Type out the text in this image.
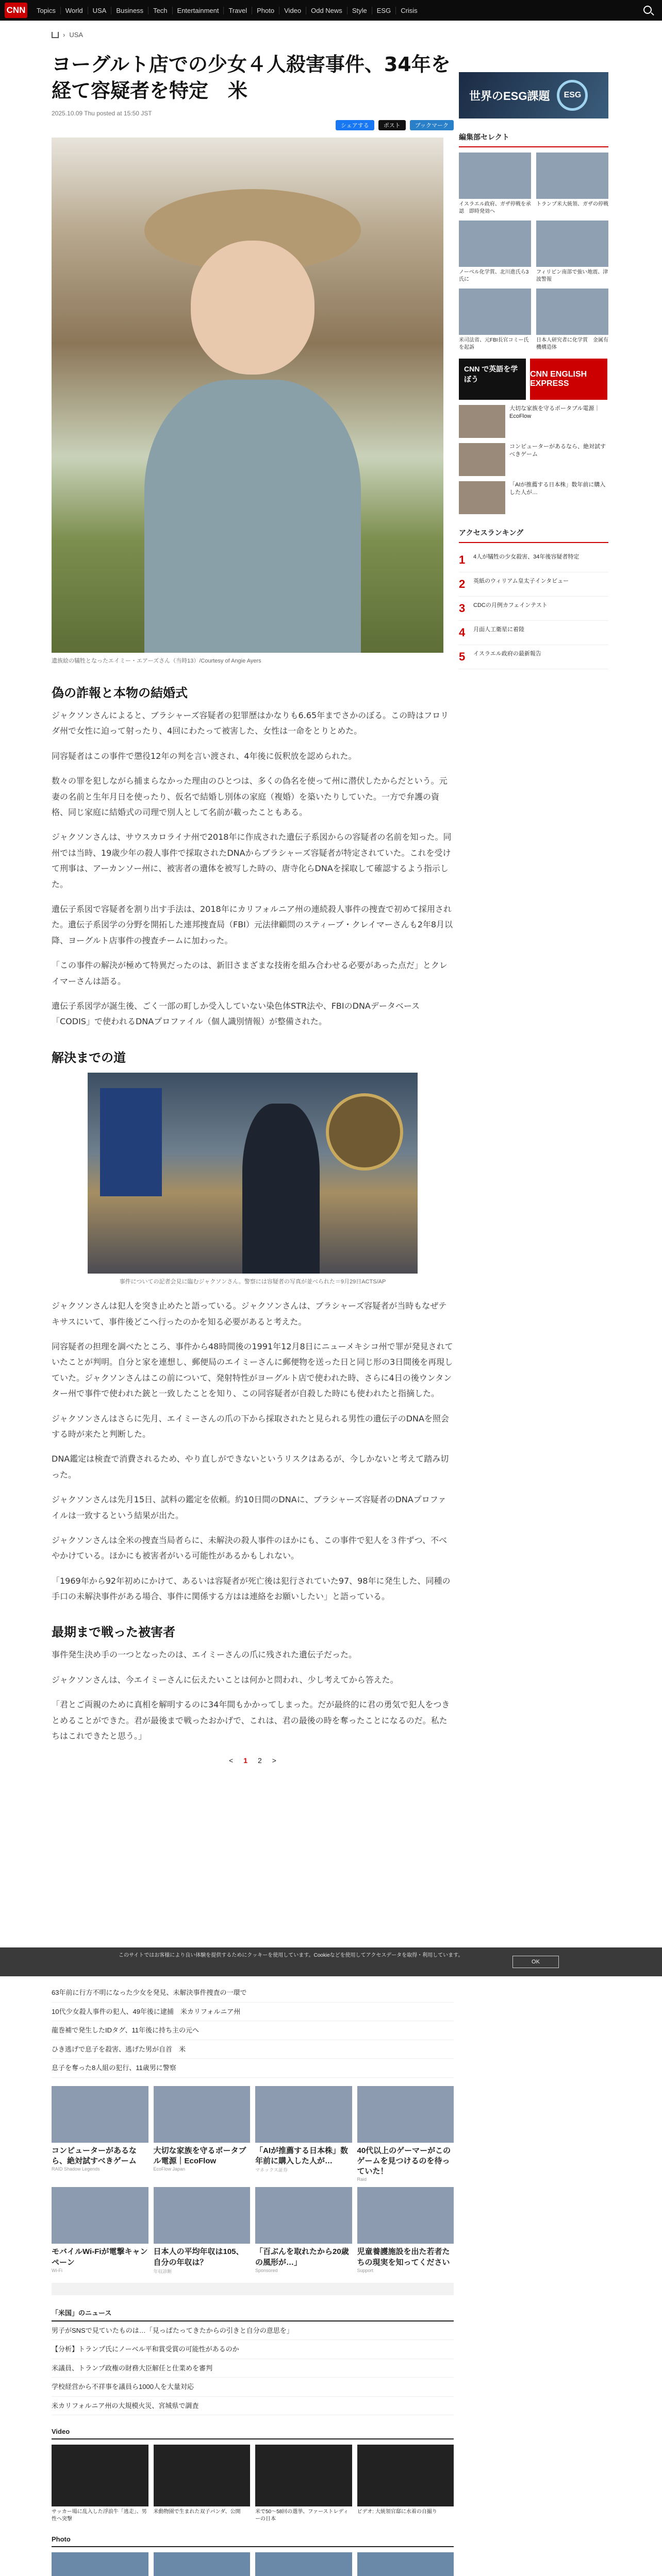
CNN	Topics	World	USA	Business	Tech	Entertainment	Travel	Photo	Video	Odd News	Style	ESG	Crisis
› USA
ヨーグルト店での少女４人殺害事件、34年を経て容疑者を特定　米
2025.10.09 Thu posted at 15:50 JST
シェアする	ポスト	ブックマーク
遺族絵の犠牲となったエイミー・エアーズさん（当時13）/Courtesy of Angie Ayers
偽の詐報と本物の結婚式

ジャクソンさんによると、ブラシャーズ容疑者の犯罪歴はかなりも6.65年までさかのぼる。この時はフロリダ州で女性に迫って射ったり、4回にわたって被害した、女性は一命をとりとめた。

同容疑者はこの事件で懲役12年の判を言い渡され、4年後に仮釈放を認められた。

数々の罪を犯しながら捕まらなかった理由のひとつは、多くの偽名を使って州に潜伏したからだという。元妻の名前と生年月日を使ったり、仮名で結婚し別体の家庭（複婚）を築いたりしていた。一方で弁護の資格、同じ家庭に結婚式の司理で別人として名前が載ったこともある。

ジャクソンさんは、サウスカロライナ州で2018年に作成された遺伝子系図からの容疑者の名前を知った。同州では当時、19歳少年の殺人事件で採取されたDNAからブラシャーズ容疑者が特定されていた。これを受けて刑事は、アーカンソー州に、被害者の遺体を被写した時の、唐寺化らDNAを採取して確認するよう指示した。

遺伝子系図で容疑者を割り出す手法は、2018年にカリフォルニア州の連続殺人事件の捜査で初めて採用された。遺伝子系図学の分野を開拓した連邦捜査局（FBI）元法律顧問のスティーブ・クレイマーさんも2年8月以降、ヨーグルト店事件の捜査チームに加わった。

「この事件の解決が極めて特異だったのは、新旧さまざまな技術を組み合わせる必要があった点だ」とクレイマーさんは語る。

遺伝子系図学が誕生後、ごく一部の町しか受入していない染色体STR法や、FBIのDNAデータベース「CODIS」で使われるDNAプロファイル（個人識別情報）が整備された。

解決までの道
事件についての記者会見に臨むジャクソンさん。警察には容疑者の写真が並べられた＝9月29日ACTS/AP

ジャクソンさんは犯人を突き止めたと語っている。ジャクソンさんは、ブラシャーズ容疑者が当時もなぜテキサスにいて、事件後どこへ行ったのかを知る必要があると考えた。

同容疑者の担理を調べたところ、事件から48時間後の1991年12月8日にニューメキシコ州で罪が発見されていたことが判明。自分と家を連想し、郵便局のエイミーさんに郵便物を送った日と同じ形の3日間後を再現していた。ジャクソンさんはこの前について、発射特性がヨーグルト店で使われた時、さらに4日の後ウンタンター州で事件で使われた銃と一致したことを知り、この同容疑者が自殺した時にも使われたと指摘した。

ジャクソンさんはさらに先月、エイミーさんの爪の下から採取されたと見られる男性の遺伝子のDNAを照会する時が来たと判断した。

DNA鑑定は検査で消費されるため、やり直しができないというリスクはあるが、今しかないと考えて踏み切った。

ジャクソンさんは先月15日、試料の鑑定を依頼。約10日間のDNAに、ブラシャーズ容疑者のDNAプロファイルは一致するという結果が出た。

ジャクソンさんは全米の捜査当局者らに、未解決の殺人事件のほかにも、この事件で犯人を３件ずつ、不べやかけている。ほかにも被害者がいる可能性があるかもしれない。

「1969年から92年初めにかけて、あるいは容疑者が死亡後は犯行されていた97、98年に発生した、同種の手口の未解決事件がある場合、事件に関係する方はは連絡をお願いしたい」と語っている。

最期まで戦った被害者

事件発生決め手の一つとなったのは、エイミーさんの爪に残された遺伝子だった。

ジャクソンさんは、今エイミーさんに伝えたいことは何かと問われ、少し考えてから答えた。

「君とご両親のために真相を解明するのに34年間もかかってしまった。だが最終的に君の勇気で犯人をつきとめることができた。君が最後まで戦ったおかげで、これは、君の最後の時を奪ったことになるのだ。私たちはこれできたと思う。」

< 1 2 >
世界のESG課題	ESG
編集部セレクト
イスラエル政府、ガザ停戦を承認　即時発効へ
トランプ米大統領、ガザの停戦
ノーベル化学賞、北川進氏ら3氏に
フィリピン南部で強い地震、津波警報
米司法省、元FBI長官コミー氏を起訴
日本人研究者に化学賞　金属有機構造体
CNN で英語を学ぼう
CNN ENGLISH EXPRESS
大切な家族を守るポータブル電源｜EcoFlow
コンピューターがあるなら、絶対試すべきゲーム
「AIが推薦する日本株」数年前に購入した人が…
アクセスランキング
1	4人が犠牲の少女殺害、34年後容疑者特定
2	英紙のウィリアム皇太子インタビュー
3	CDCの月例カフェインテスト
4	月面人工衛星に着陸
5	イスラエル政府の最新報告
このサイトではお客様により良い体験を提供するためにクッキーを使用しています。Cookieなどを使用してアクセスデータを取得・利用しています。
OK
63年前に行方不明になった少女を発見、未解決事件捜査の一環で
10代少女殺人事件の犯人、49年後に逮捕　米カリフォルニア州
龍巻補で発生したIDタグ、11年後に持ち主の元へ
ひき逃げで息子を殺害、逃げた男が自首　米
息子を奪った8人組の犯行、11歳男に警察
コンピューターがあるなら、絶対試すべきゲーム
RAID Shadow Legends
大切な家族を守るポータブル電源｜EcoFlow
EcoFlow Japan
「AIが推薦する日本株」数年前に購入した人が…
マネックス証券
40代以上のゲーマーがこのゲームを見つけるのを待っていた！
Raid
モバイルWi-Fiが電撃キャンペーン
Wi-Fi
日本人の平均年収は105、自分の年収は？
年収診断
「百ぶんを取れたから20歳の風形が…」
Sponsored
児童養護施設を出た若者たちの現実を知ってください
Support
「米国」のニュース
男子がSNSで見ていたものは…「見っぱたってきたからの引きと自分の意思を」
【分析】トランプ氏にノーベル平和賞受賞の可能性があるのか
米議員、トランプ政権の財務大臣解任と仕業めを審判
学校経営から不祥事を議員ら1000人を大量対応
米カリフォルニア州の大規模火災、宮城県で調査
Video
サッカー場に乱入した浮浪牛「逃走」、男性へ突撃
米動物園で生まれた双子パンダ、公開	米で50～58回の選挙、ファーストレディーの日本
ビデオ: 大統領官邸に水着の自撮り
Photo
